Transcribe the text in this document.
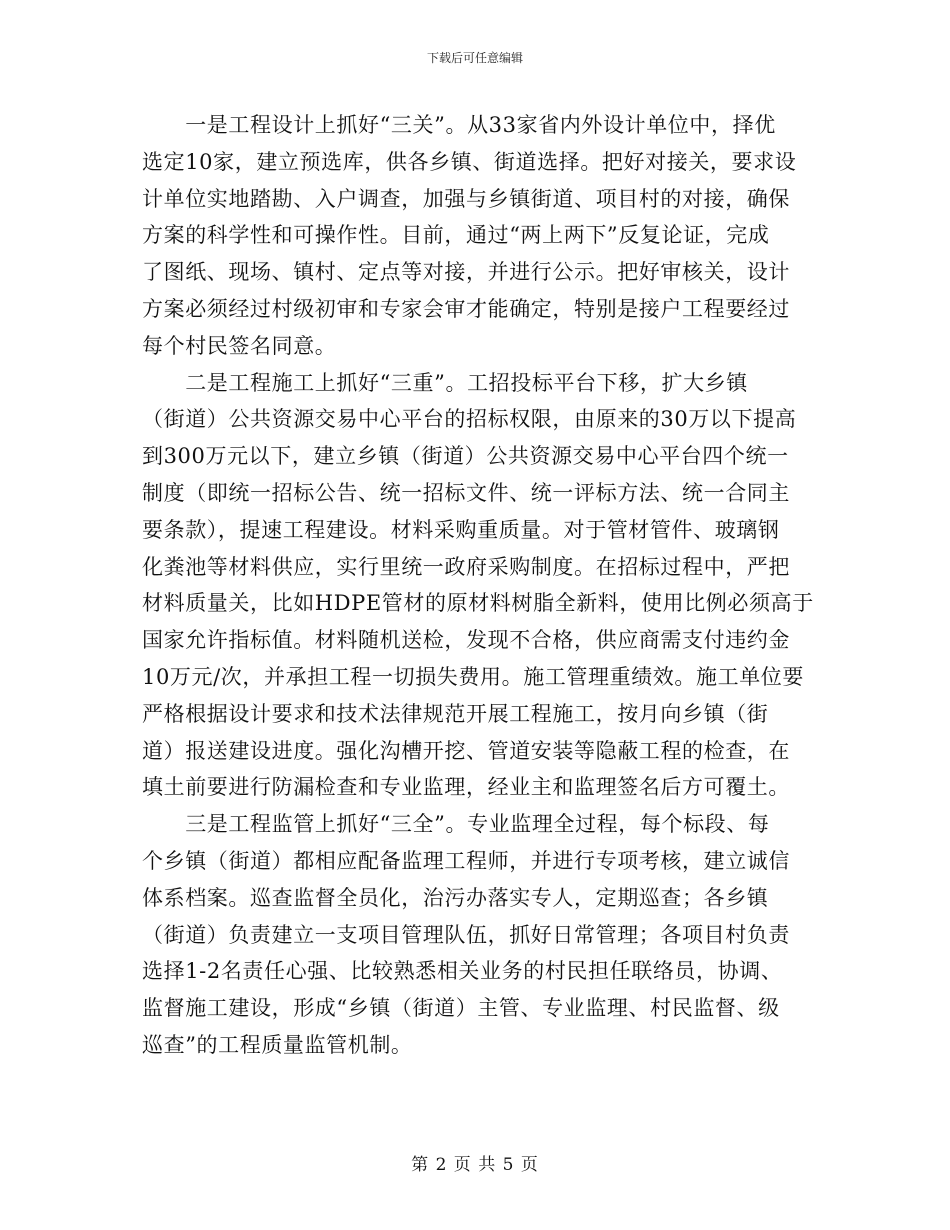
下载后可任意编辑
　　一是工程设计上抓好“三关”。从33家省内外设计单位中，择优
选定10家，建立预选库，供各乡镇、街道选择。把好对接关，要求设
计单位实地踏勘、入户调查，加强与乡镇街道、项目村的对接，确保
方案的科学性和可操作性。目前，通过“两上两下”反复论证，完成
了图纸、现场、镇村、定点等对接，并进行公示。把好审核关，设计
方案必须经过村级初审和专家会审才能确定，特别是接户工程要经过
每个村民签名同意。
　　二是工程施工上抓好“三重”。工招投标平台下移，扩大乡镇
（街道）公共资源交易中心平台的招标权限，由原来的30万以下提高
到300万元以下，建立乡镇（街道）公共资源交易中心平台四个统一
制度（即统一招标公告、统一招标文件、统一评标方法、统一合同主
要条款），提速工程建设。材料采购重质量。对于管材管件、玻璃钢
化粪池等材料供应，实行里统一政府采购制度。在招标过程中，严把
材料质量关，比如HDPE管材的原材料树脂全新料，使用比例必须高于
国家允许指标值。材料随机送检，发现不合格，供应商需支付违约金
10万元/次，并承担工程一切损失费用。施工管理重绩效。施工单位要
严格根据设计要求和技术法律规范开展工程施工，按月向乡镇（街
道）报送建设进度。强化沟槽开挖、管道安装等隐蔽工程的检查，在
填土前要进行防漏检查和专业监理，经业主和监理签名后方可覆土。
　　三是工程监管上抓好“三全”。专业监理全过程，每个标段、每
个乡镇（街道）都相应配备监理工程师，并进行专项考核，建立诚信
体系档案。巡查监督全员化，治污办落实专人，定期巡查；各乡镇
（街道）负责建立一支项目管理队伍，抓好日常管理；各项目村负责
选择1-2名责任心强、比较熟悉相关业务的村民担任联络员，协调、
监督施工建设，形成“乡镇（街道）主管、专业监理、村民监督、级
巡查”的工程质量监管机制。
第 2 页 共 5 页
